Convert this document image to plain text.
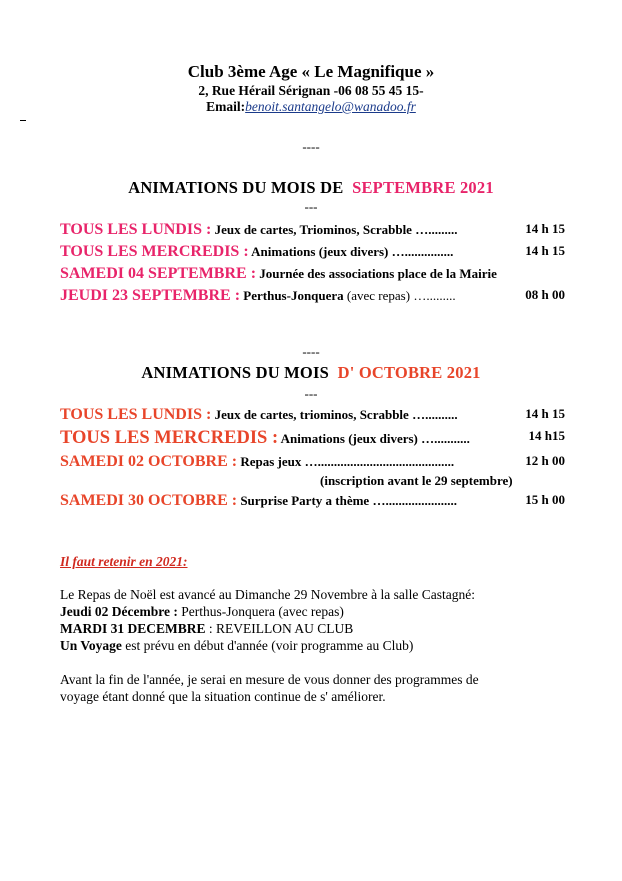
Club 3ème Age « Le Magnifique »
2, Rue Hérail Sérignan -06 08 55 45 15-
Email:benoit.santangelo@wanadoo.fr
----
ANIMATIONS DU MOIS DE SEPTEMBRE 2021
---
TOUS LES LUNDIS : Jeux de cartes, Triominos, Scrabble ….........	14 h 15
TOUS LES MERCREDIS : Animations (jeux divers) …...............	14 h 15
SAMEDI 04 SEPTEMBRE : Journée des associations place de la Mairie
JEUDI 23 SEPTEMBRE : Perthus-Jonquera (avec repas) ….........	08 h 00
----
ANIMATIONS DU MOIS D' OCTOBRE 2021
---
TOUS LES LUNDIS : Jeux de cartes, triominos, Scrabble …..........	14 h 15
TOUS LES MERCREDIS : Animations (jeux divers) …...........	14 h15
SAMEDI 02 OCTOBRE : Repas jeux …..........................................	12 h 00
(inscription avant le 29 septembre)
SAMEDI 30 OCTOBRE : Surprise Party a thème …......................	15 h 00
Il faut retenir en 2021:
Le Repas de Noël est avancé au Dimanche 29 Novembre à la salle Castagné:
Jeudi 02 Décembre : Perthus-Jonquera (avec repas)
MARDI 31 DECEMBRE : REVEILLON AU CLUB
Un Voyage est prévu en début d'année (voir programme au Club)
Avant la fin de l'année, je serai en mesure de vous donner des programmes de
voyage étant donné que la situation continue de s' améliorer.
